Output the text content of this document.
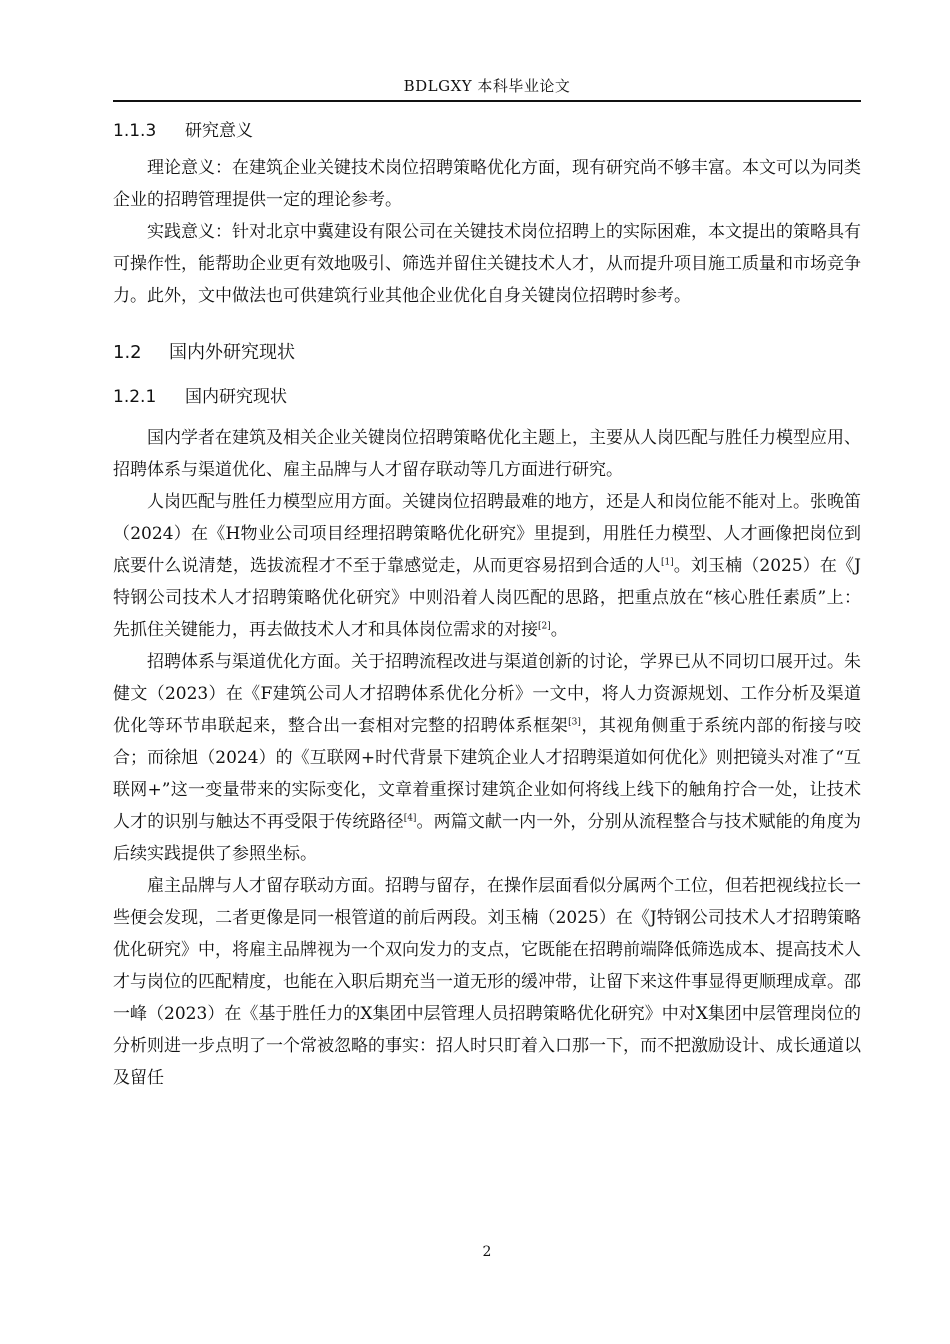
BDLGXY 本科毕业论文
1.1.3 研究意义

理论意义：在建筑企业关键技术岗位招聘策略优化方面，现有研究尚不够丰富。本文可以为同类企业的招聘管理提供一定的理论参考。

实践意义：针对北京中冀建设有限公司在关键技术岗位招聘上的实际困难，本文提出的策略具有可操作性，能帮助企业更有效地吸引、筛选并留住关键技术人才，从而提升项目施工质量和市场竞争力。此外，文中做法也可供建筑行业其他企业优化自身关键岗位招聘时参考。

1.2 国内外研究现状
1.2.1 国内研究现状

国内学者在建筑及相关企业关键岗位招聘策略优化主题上，主要从人岗匹配与胜任力模型应用、招聘体系与渠道优化、雇主品牌与人才留存联动等几方面进行研究。

人岗匹配与胜任力模型应用方面。关键岗位招聘最难的地方，还是人和岗位能不能对上。张晚笛（2024）在《H物业公司项目经理招聘策略优化研究》里提到，用胜任力模型、人才画像把岗位到底要什么说清楚，选拔流程才不至于靠感觉走，从而更容易招到合适的人[1]。刘玉楠（2025）在《J特钢公司技术人才招聘策略优化研究》中则沿着人岗匹配的思路，把重点放在“核心胜任素质”上：先抓住关键能力，再去做技术人才和具体岗位需求的对接[2]。

招聘体系与渠道优化方面。关于招聘流程改进与渠道创新的讨论，学界已从不同切口展开过。朱健文（2023）在《F建筑公司人才招聘体系优化分析》一文中，将人力资源规划、工作分析及渠道优化等环节串联起来，整合出一套相对完整的招聘体系框架[3]，其视角侧重于系统内部的衔接与咬合；而徐旭（2024）的《互联网+时代背景下建筑企业人才招聘渠道如何优化》则把镜头对准了“互联网+”这一变量带来的实际变化，文章着重探讨建筑企业如何将线上线下的触角拧合一处，让技术人才的识别与触达不再受限于传统路径[4]。两篇文献一内一外，分别从流程整合与技术赋能的角度为后续实践提供了参照坐标。

雇主品牌与人才留存联动方面。招聘与留存，在操作层面看似分属两个工位，但若把视线拉长一些便会发现，二者更像是同一根管道的前后两段。刘玉楠（2025）在《J特钢公司技术人才招聘策略优化研究》中，将雇主品牌视为一个双向发力的支点，它既能在招聘前端降低筛选成本、提高技术人才与岗位的匹配精度，也能在入职后期充当一道无形的缓冲带，让留下来这件事显得更顺理成章。邵一峰（2023）在《基于胜任力的X集团中层管理人员招聘策略优化研究》中对X集团中层管理岗位的分析则进一步点明了一个常被忽略的事实：招人时只盯着入口那一下，而不把激励设计、成长通道以及留任

2
